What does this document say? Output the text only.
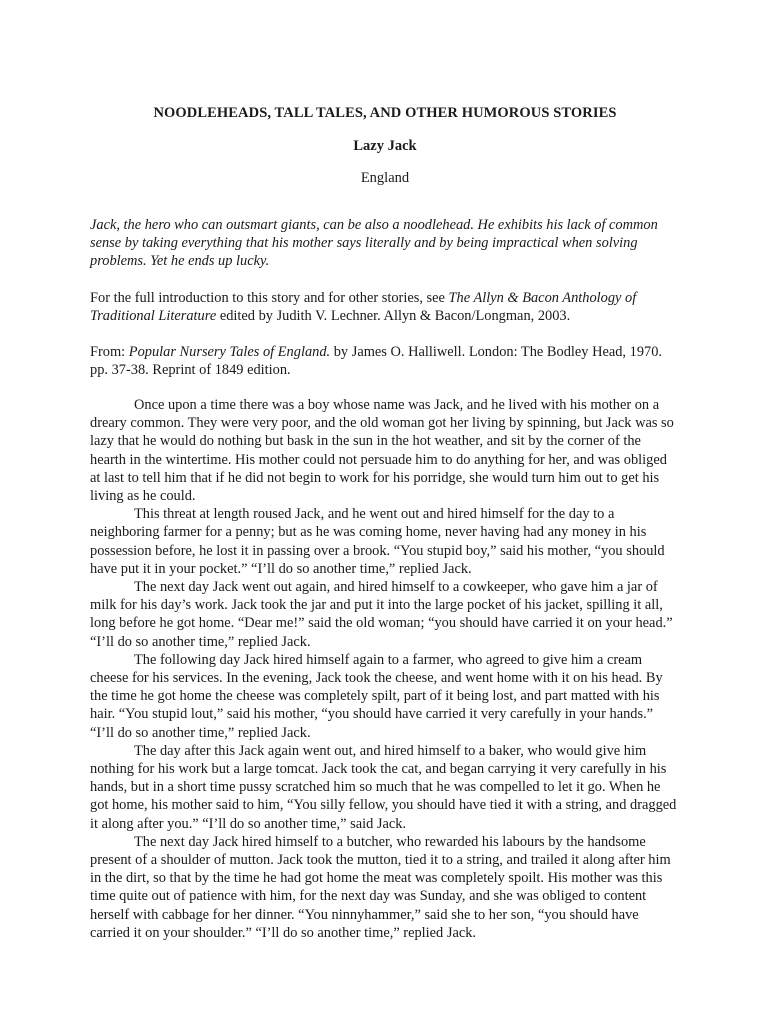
NOODLEHEADS, TALL TALES, AND OTHER HUMOROUS STORIES
Lazy Jack
England

Jack, the hero who can outsmart giants, can be also a noodlehead. He exhibits his lack of common sense by taking everything that his mother says literally and by being impractical when solving problems. Yet he ends up lucky.

For the full introduction to this story and for other stories, see The Allyn & Bacon Anthology of Traditional Literature edited by Judith V. Lechner. Allyn & Bacon/Longman, 2003.

From: Popular Nursery Tales of England. by James O. Halliwell. London: The Bodley Head, 1970. pp. 37-38. Reprint of 1849 edition.

Once upon a time there was a boy whose name was Jack, and he lived with his mother on a dreary common. They were very poor, and the old woman got her living by spinning, but Jack was so lazy that he would do nothing but bask in the sun in the hot weather, and sit by the corner of the hearth in the wintertime. His mother could not persuade him to do anything for her, and was obliged at last to tell him that if he did not begin to work for his porridge, she would turn him out to get his living as he could.

This threat at length roused Jack, and he went out and hired himself for the day to a neighboring farmer for a penny; but as he was coming home, never having had any money in his possession before, he lost it in passing over a brook. “You stupid boy,” said his mother, “you should have put it in your pocket.” “I’ll do so another time,” replied Jack.

The next day Jack went out again, and hired himself to a cowkeeper, who gave him a jar of milk for his day’s work. Jack took the jar and put it into the large pocket of his jacket, spilling it all, long before he got home. “Dear me!” said the old woman; “you should have carried it on your head.” “I’ll do so another time,” replied Jack.

The following day Jack hired himself again to a farmer, who agreed to give him a cream cheese for his services. In the evening, Jack took the cheese, and went home with it on his head. By the time he got home the cheese was completely spilt, part of it being lost, and part matted with his hair. “You stupid lout,” said his mother, “you should have carried it very carefully in your hands.” “I’ll do so another time,” replied Jack.

The day after this Jack again went out, and hired himself to a baker, who would give him nothing for his work but a large tomcat. Jack took the cat, and began carrying it very carefully in his hands, but in a short time pussy scratched him so much that he was compelled to let it go. When he got home, his mother said to him, “You silly fellow, you should have tied it with a string, and dragged it along after you.” “I’ll do so another time,” said Jack.

The next day Jack hired himself to a butcher, who rewarded his labours by the handsome present of a shoulder of mutton. Jack took the mutton, tied it to a string, and trailed it along after him in the dirt, so that by the time he had got home the meat was completely spoilt. His mother was this time quite out of patience with him, for the next day was Sunday, and she was obliged to content herself with cabbage for her dinner. “You ninnyhammer,” said she to her son, “you should have carried it on your shoulder.” “I’ll do so another time,” replied Jack.
